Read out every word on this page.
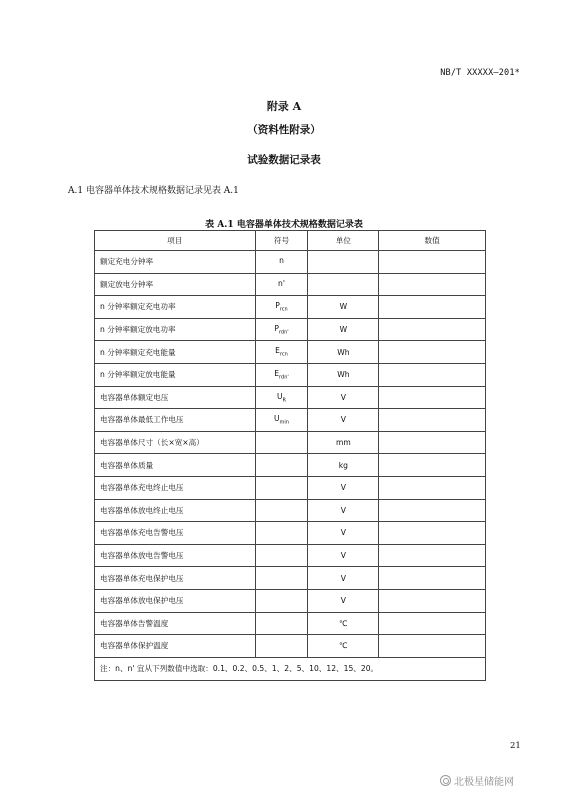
NB/T XXXXX—201*
附录 A
（资料性附录）
试验数据记录表
A.1 电容器单体技术规格数据记录见表 A.1
表 A.1 电容器单体技术规格数据记录表
项目	符号	单位	数值
额定充电分钟率	n		
额定放电分钟率	n'		
n 分钟率额定充电功率	$P_{rcn}$	W	
n 分钟率额定放电功率	$P_{rdn'}$	W	
n 分钟率额定充电能量	$E_{rcn}$	Wh	
n 分钟率额定放电能量	$E_{rdn'}$	Wh	
电容器单体额定电压	$U_R$	V	
电容器单体最低工作电压	$U_{min}$	V	
电容器单体尺寸（长×宽×高）		mm	
电容器单体质量		kg	
电容器单体充电终止电压		V	
电容器单体放电终止电压		V	
电容器单体充电告警电压		V	
电容器单体放电告警电压		V	
电容器单体充电保护电压		V	
电容器单体放电保护电压		V	
电容器单体告警温度		℃	
电容器单体保护温度		℃	
注：n、n' 宜从下列数值中选取：0.1、0.2、0.5、1、2、5、10、12、15、20。			
21
北极星储能网
